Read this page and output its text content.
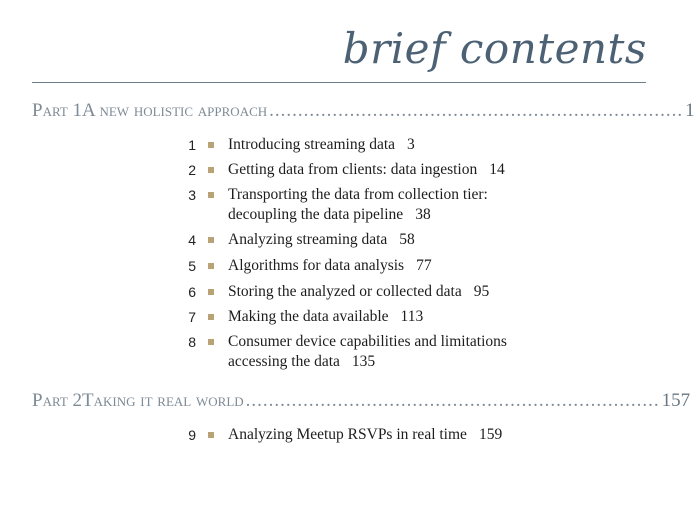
brief contents
Part 1 A new holistic approach ........................................................................ 1
1 Introducing streaming data 3
2 Getting data from clients: data ingestion 14
3 Transporting the data from collection tier:
decoupling the data pipeline 38
4 Analyzing streaming data 58
5 Algorithms for data analysis 77
6 Storing the analyzed or collected data 95
7 Making the data available 113
8 Consumer device capabilities and limitations
accessing the data 135
Part 2 Taking it real world ........................................................................ 157
9 Analyzing Meetup RSVPs in real time 159
